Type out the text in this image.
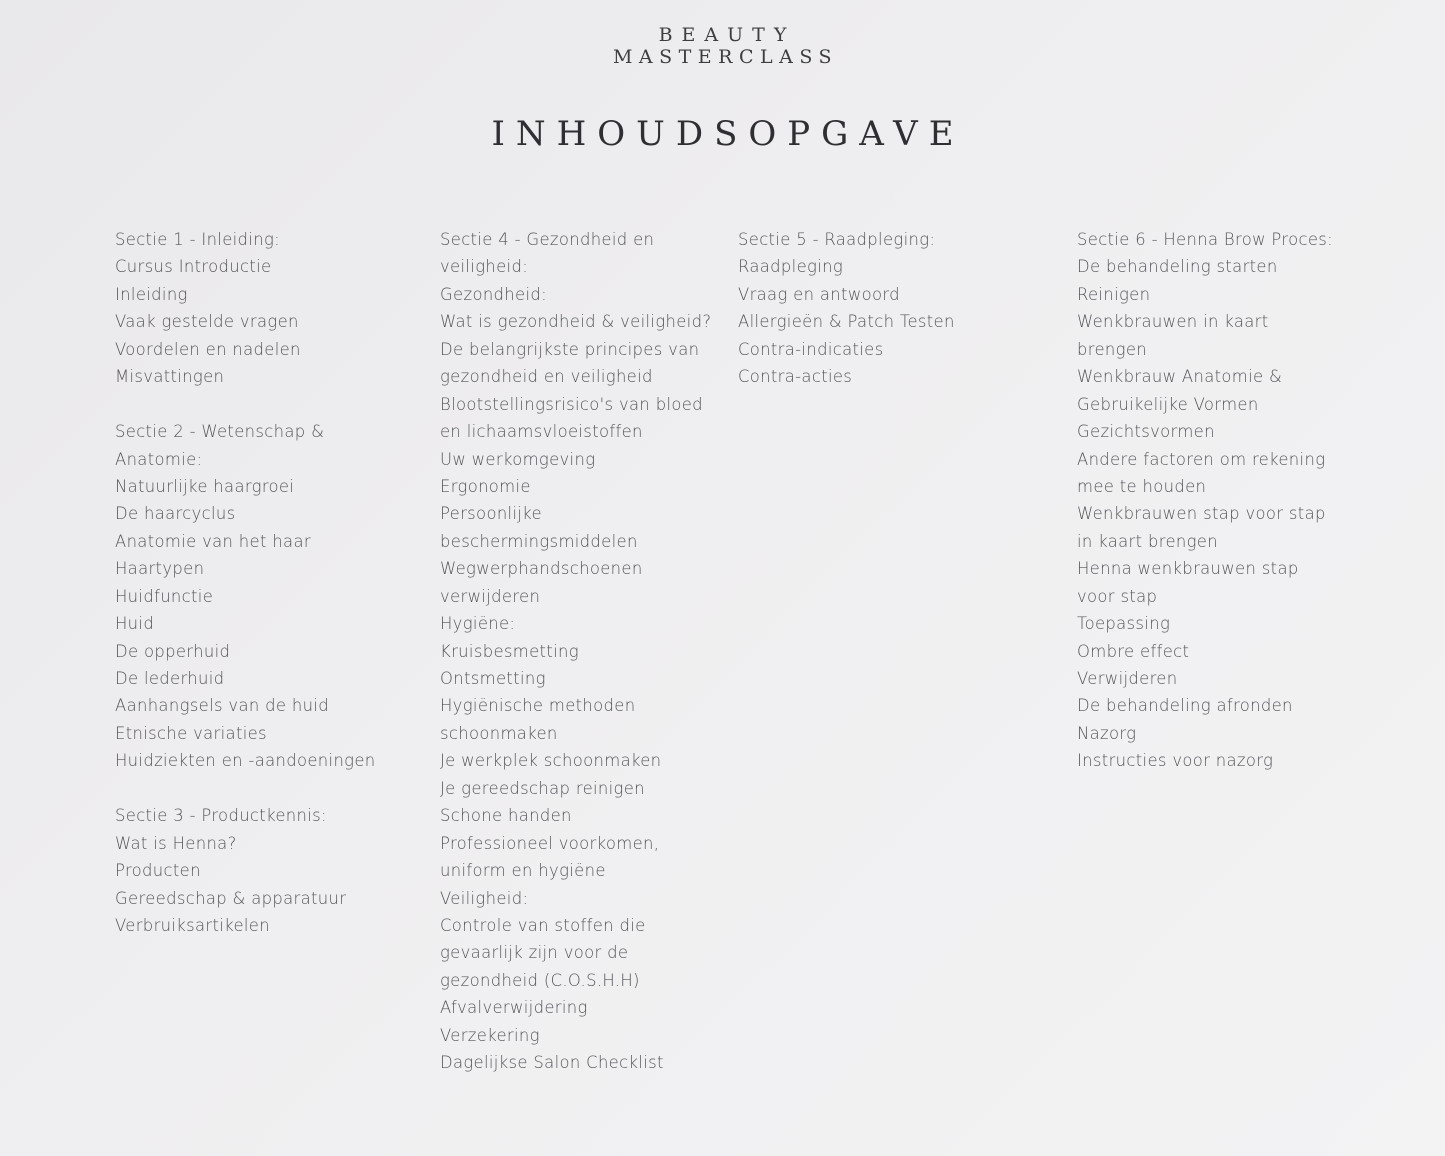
BEAUTY
MASTERCLASS
INHOUDSOPGAVE
Sectie 1 - Inleiding:
Cursus Introductie
Inleiding
Vaak gestelde vragen
Voordelen en nadelen
Misvattingen
Sectie 2 - Wetenschap &
Anatomie:
Natuurlijke haargroei
De haarcyclus
Anatomie van het haar
Haartypen
Huidfunctie
Huid
De opperhuid
De lederhuid
Aanhangsels van de huid
Etnische variaties
Huidziekten en -aandoeningen
Sectie 3 - Productkennis:
Wat is Henna?
Producten
Gereedschap & apparatuur
Verbruiksartikelen
Sectie 4 - Gezondheid en
veiligheid:
Gezondheid:
Wat is gezondheid & veiligheid?
De belangrijkste principes van
gezondheid en veiligheid
Blootstellingsrisico's van bloed
en lichaamsvloeistoffen
Uw werkomgeving
Ergonomie
Persoonlijke
beschermingsmiddelen
Wegwerphandschoenen
verwijderen
Hygiëne:
Kruisbesmetting
Ontsmetting
Hygiënische methoden
schoonmaken
Je werkplek schoonmaken
Je gereedschap reinigen
Schone handen
Professioneel voorkomen,
uniform en hygiëne
Veiligheid:
Controle van stoffen die
gevaarlijk zijn voor de
gezondheid (C.O.S.H.H)
Afvalverwijdering
Verzekering
Dagelijkse Salon Checklist
Sectie 5 - Raadpleging:
Raadpleging
Vraag en antwoord
Allergieën & Patch Testen
Contra-indicaties
Contra-acties
Sectie 6 - Henna Brow Proces:
De behandeling starten
Reinigen
Wenkbrauwen in kaart
brengen
Wenkbrauw Anatomie &
Gebruikelijke Vormen
Gezichtsvormen
Andere factoren om rekening
mee te houden
Wenkbrauwen stap voor stap
in kaart brengen
Henna wenkbrauwen stap
voor stap
Toepassing
Ombre effect
Verwijderen
De behandeling afronden
Nazorg
Instructies voor nazorg
